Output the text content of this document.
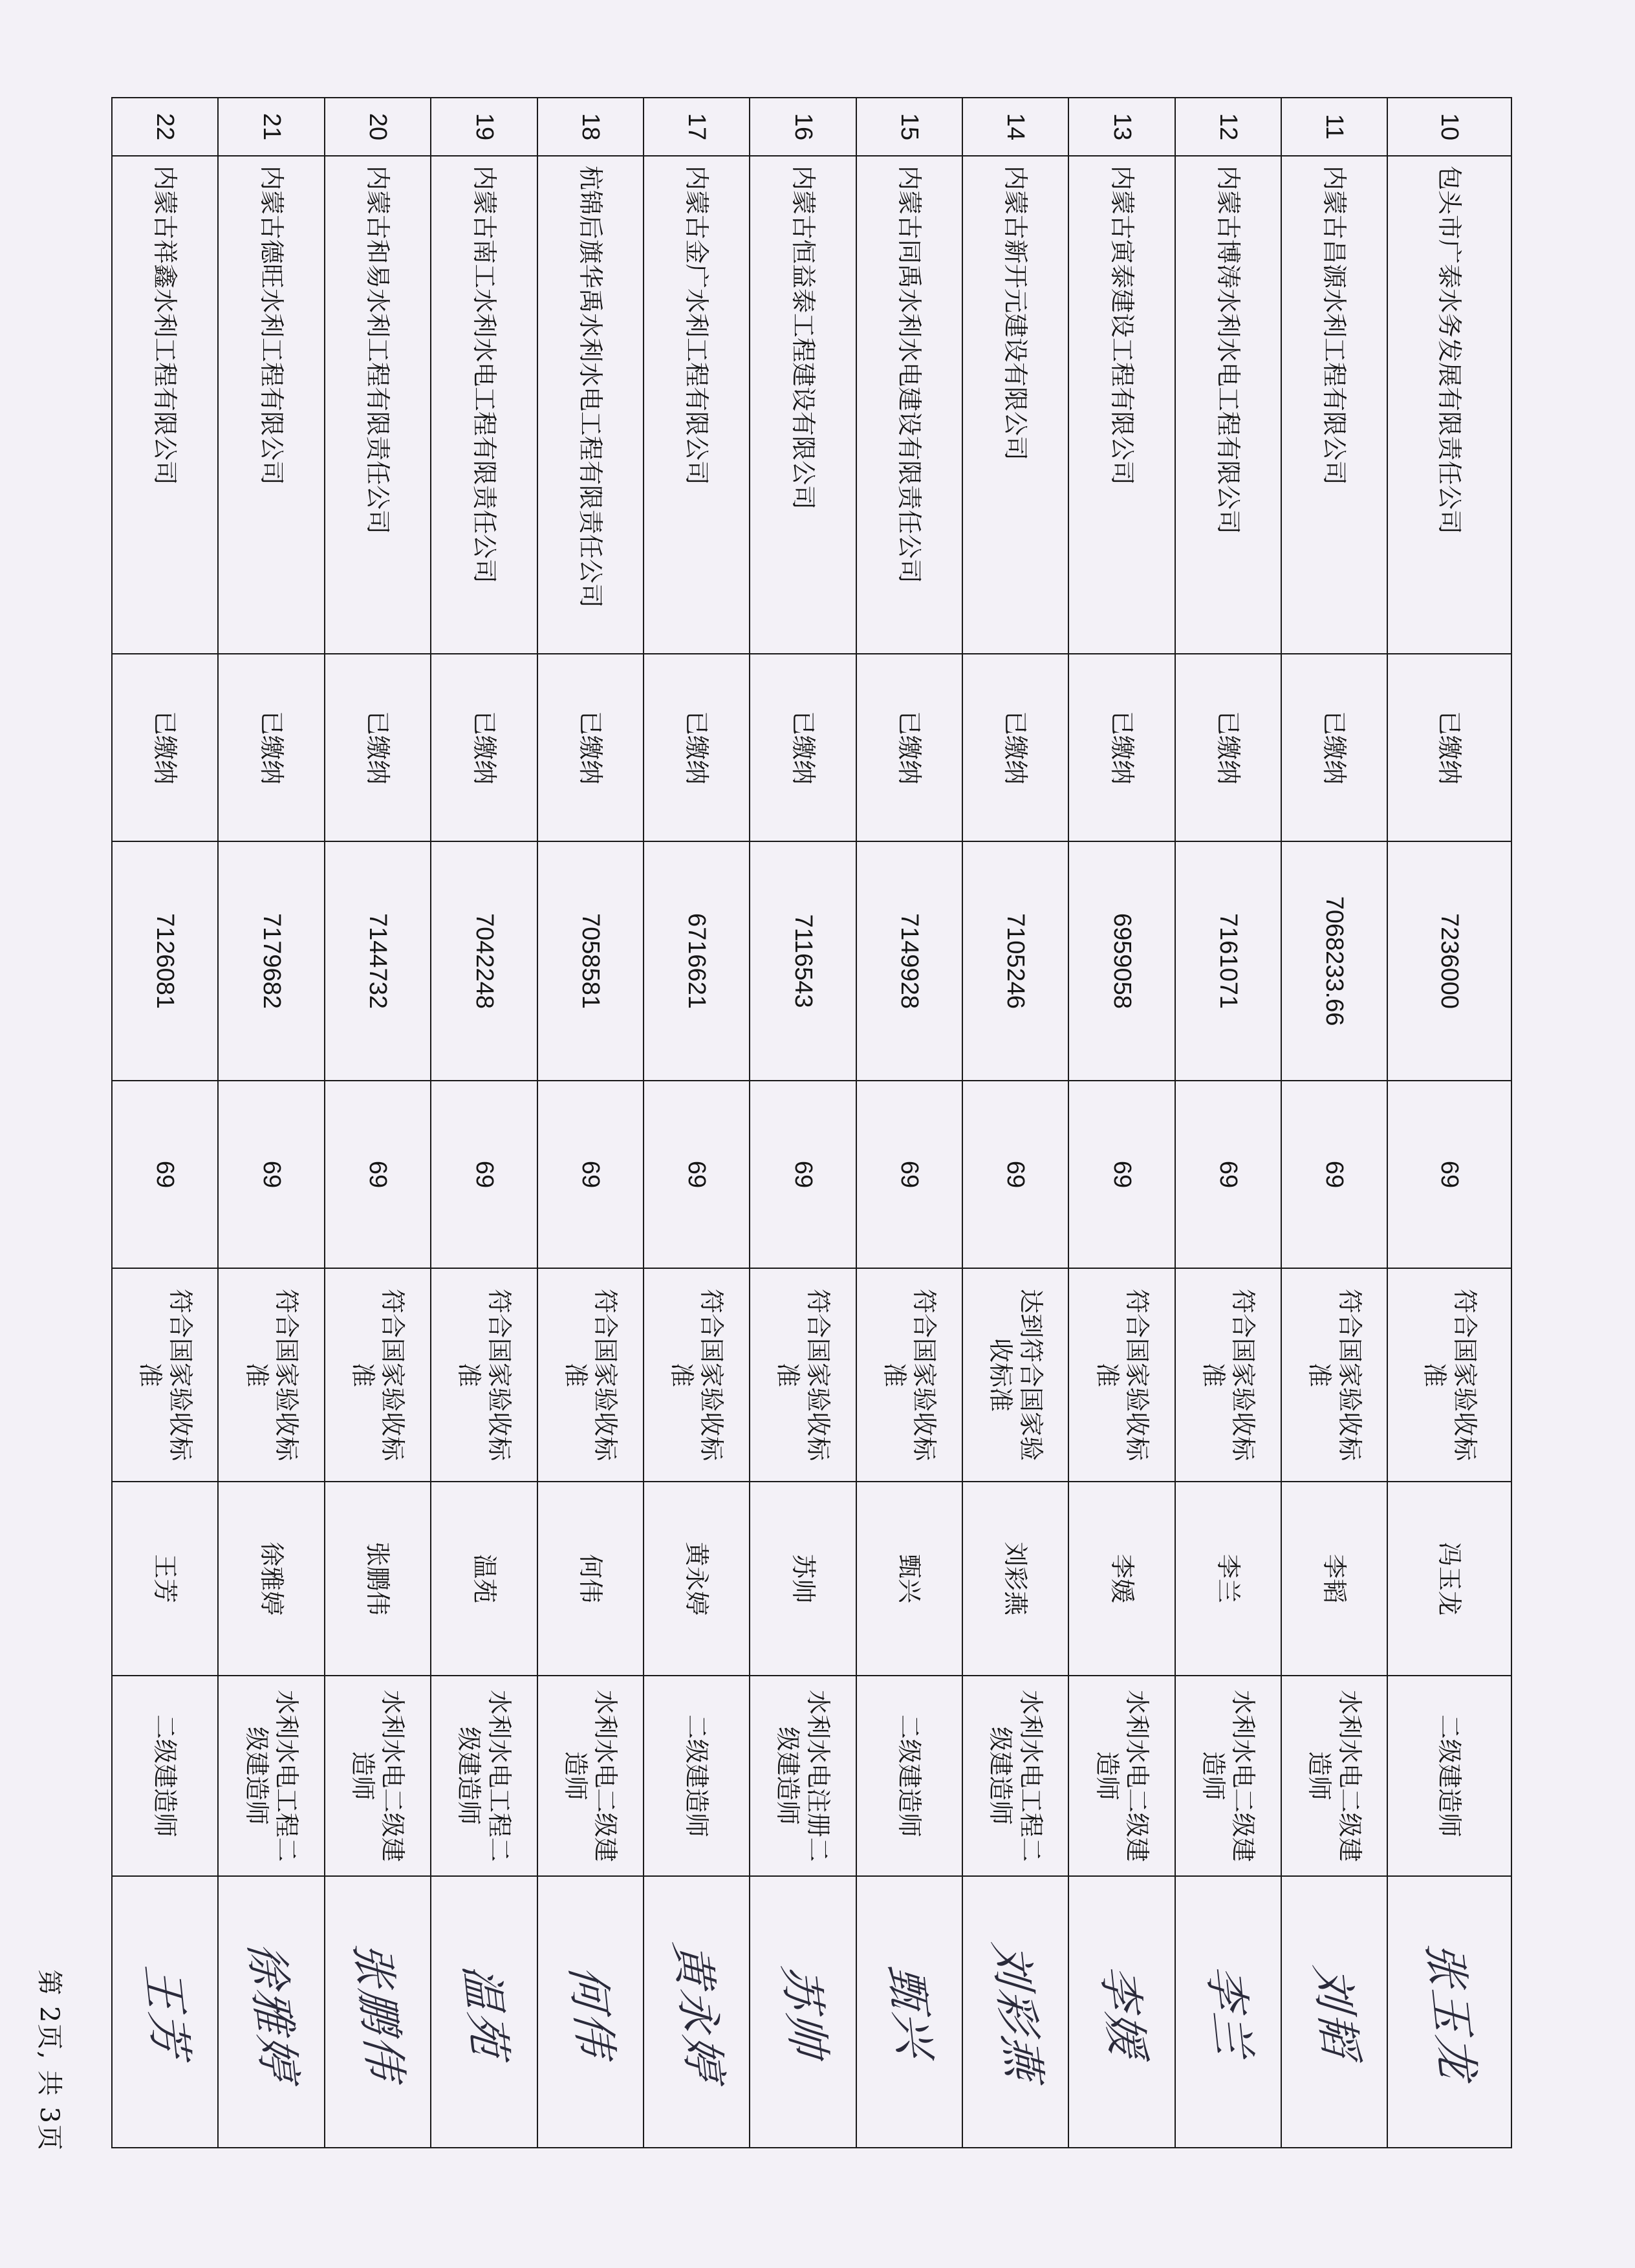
10	包头市广泰水务发展有限责任公司	已缴纳	7236000	69	符合国家验收标准	冯玉龙	二级建造师	张玉龙
11	内蒙古昌源水利工程有限公司	已缴纳	7068233.66	69	符合国家验收标准	李韬	水利水电二级建造师	刘韬
12	内蒙古博涛水利水电工程有限公司	已缴纳	7161071	69	符合国家验收标准	李兰	水利水电二级建造师	李兰
13	内蒙古寅泰建设工程有限公司	已缴纳	6959058	69	符合国家验收标准	李媛	水利水电二级建造师	李媛
14	内蒙古新开元建设有限公司	已缴纳	7105246	69	达到符合国家验收标准	刘彩燕	水利水电工程二级建造师	刘彩燕
15	内蒙古同禹水利水电建设有限责任公司	已缴纳	7149928	69	符合国家验收标准	甄兴	二级建造师	甄兴
16	内蒙古恒益泰工程建设有限公司	已缴纳	7116543	69	符合国家验收标准	苏帅	水利水电注册二级建造师	苏帅
17	内蒙古金广水利工程有限公司	已缴纳	6716621	69	符合国家验收标准	黄永婷	二级建造师	黄永婷
18	杭锦后旗华禹水利水电工程有限责任公司	已缴纳	7058581	69	符合国家验收标准	何伟	水利水电二级建造师	何伟
19	内蒙古南工水利水电工程有限责任公司	已缴纳	7042248	69	符合国家验收标准	温苑	水利水电工程二级建造师	温苑
20	内蒙古和易水利工程有限责任公司	已缴纳	7144732	69	符合国家验收标准	张鹏伟	水利水电二级建造师	张鹏伟
21	内蒙古德旺水利工程有限公司	已缴纳	7179682	69	符合国家验收标准	徐雅婷	水利水电工程二级建造师	徐雅婷
22	内蒙古祥鑫水利工程有限公司	已缴纳	7126081	69	符合国家验收标准	王芳	二级建造师	王芳
第 2页, 共 3页
